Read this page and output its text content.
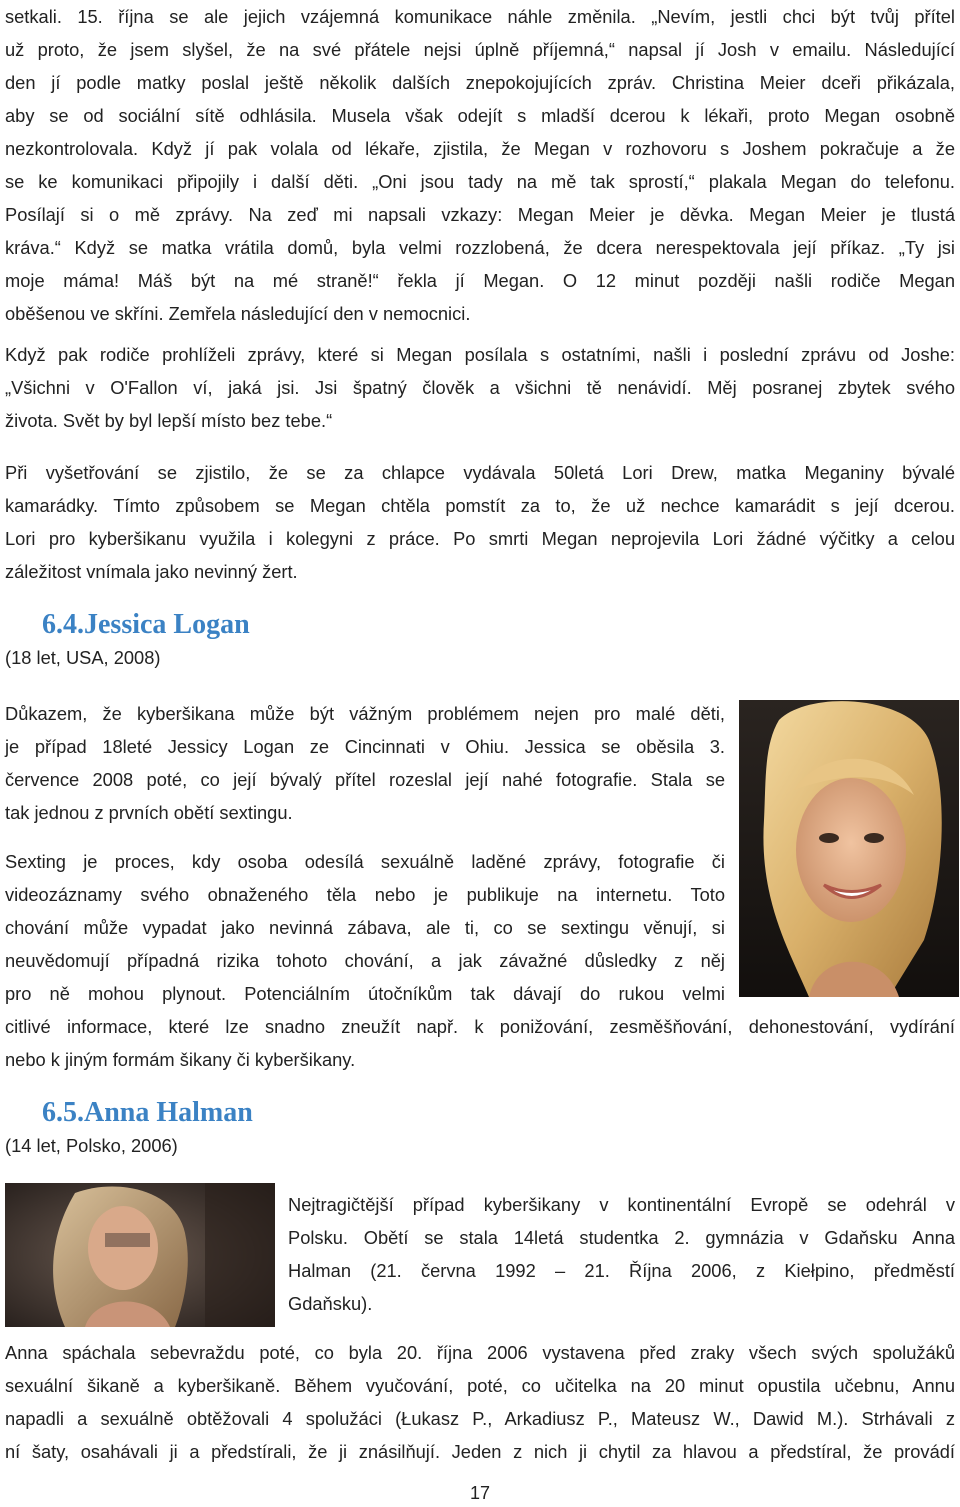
setkali. 15. října se ale jejich vzájemná komunikace náhle změnila. „Nevím, jestli chci být tvůj přítel
už proto, že jsem slyšel, že na své přátele nejsi úplně příjemná,“ napsal jí Josh v emailu. Následující
den jí podle matky poslal ještě několik dalších znepokojujících zpráv. Christina Meier dceři přikázala,
aby se od sociální sítě odhlásila. Musela však odejít s mladší dcerou k lékaři, proto Megan osobně
nezkontrolovala. Když jí pak volala od lékaře, zjistila, že Megan v rozhovoru s Joshem pokračuje a že
se ke komunikaci připojily i další děti. „Oni jsou tady na mě tak sprostí,“ plakala Megan do telefonu.
Posílají si o mě zprávy. Na zeď mi napsali vzkazy: Megan Meier je děvka. Megan Meier je tlustá
kráva.“ Když se matka vrátila domů, byla velmi rozzlobená, že dcera nerespektovala její příkaz. „Ty jsi
moje máma! Máš být na mé straně!“ řekla jí Megan. O 12 minut později našli rodiče Megan
oběšenou ve skříni. Zemřela následující den v nemocnici.
Když pak rodiče prohlíželi zprávy, které si Megan posílala s ostatními, našli i poslední zprávu od Joshe:
„Všichni v O'Fallon ví, jaká jsi. Jsi špatný člověk a všichni tě nenávidí. Měj posranej zbytek svého
života. Svět by byl lepší místo bez tebe.“
Při vyšetřování se zjistilo, že se za chlapce vydávala 50letá Lori Drew, matka Meganiny bývalé
kamarádky. Tímto způsobem se Megan chtěla pomstít za to, že už nechce kamarádit s její dcerou.
Lori pro kyberšikanu využila i kolegyni z práce. Po smrti Megan neprojevila Lori žádné výčitky a celou
záležitost vnímala jako nevinný žert.
6.4.Jessica Logan

(18 let, USA, 2008)

Důkazem, že kyberšikana může být vážným problémem nejen pro malé děti,
je případ 18leté Jessicy Logan ze Cincinnati v Ohiu. Jessica se oběsila 3.
července 2008 poté, co její bývalý přítel rozeslal její nahé fotografie. Stala se
tak jednou z prvních obětí sextingu.
Sexting je proces, kdy osoba odesílá sexuálně laděné zprávy, fotografie či
videozáznamy svého obnaženého těla nebo je publikuje na internetu. Toto
chování může vypadat jako nevinná zábava, ale ti, co se sextingu věnují, si
neuvědomují případná rizika tohoto chování, a jak závažné důsledky z něj
pro ně mohou plynout. Potenciálním útočníkům tak dávají do rukou velmi
citlivé informace, které lze snadno zneužít např. k ponižování, zesměšňování, dehonestování, vydírání
nebo k jiným formám šikany či kyberšikany.
6.5.Anna Halman

(14 let, Polsko, 2006)

Nejtragičtější případ kyberšikany v kontinentální Evropě se odehrál v
Polsku. Obětí se stala 14letá studentka 2. gymnázia v Gdaňsku Anna
Halman (21. června 1992 – 21. Října 2006, z Kiełpino, předměstí
Gdaňsku).
Anna spáchala sebevraždu poté, co byla 20. října 2006 vystavena před zraky všech svých spolužáků
sexuální šikaně a kyberšikaně. Během vyučování, poté, co učitelka na 20 minut opustila učebnu, Annu
napadli a sexuálně obtěžovali 4 spolužáci (Łukasz P., Arkadiusz P., Mateusz W., Dawid M.). Strhávali z
ní šaty, osahávali ji a předstírali, že ji znásilňují. Jeden z nich ji chytil za hlavou a předstíral, že provádí
17
